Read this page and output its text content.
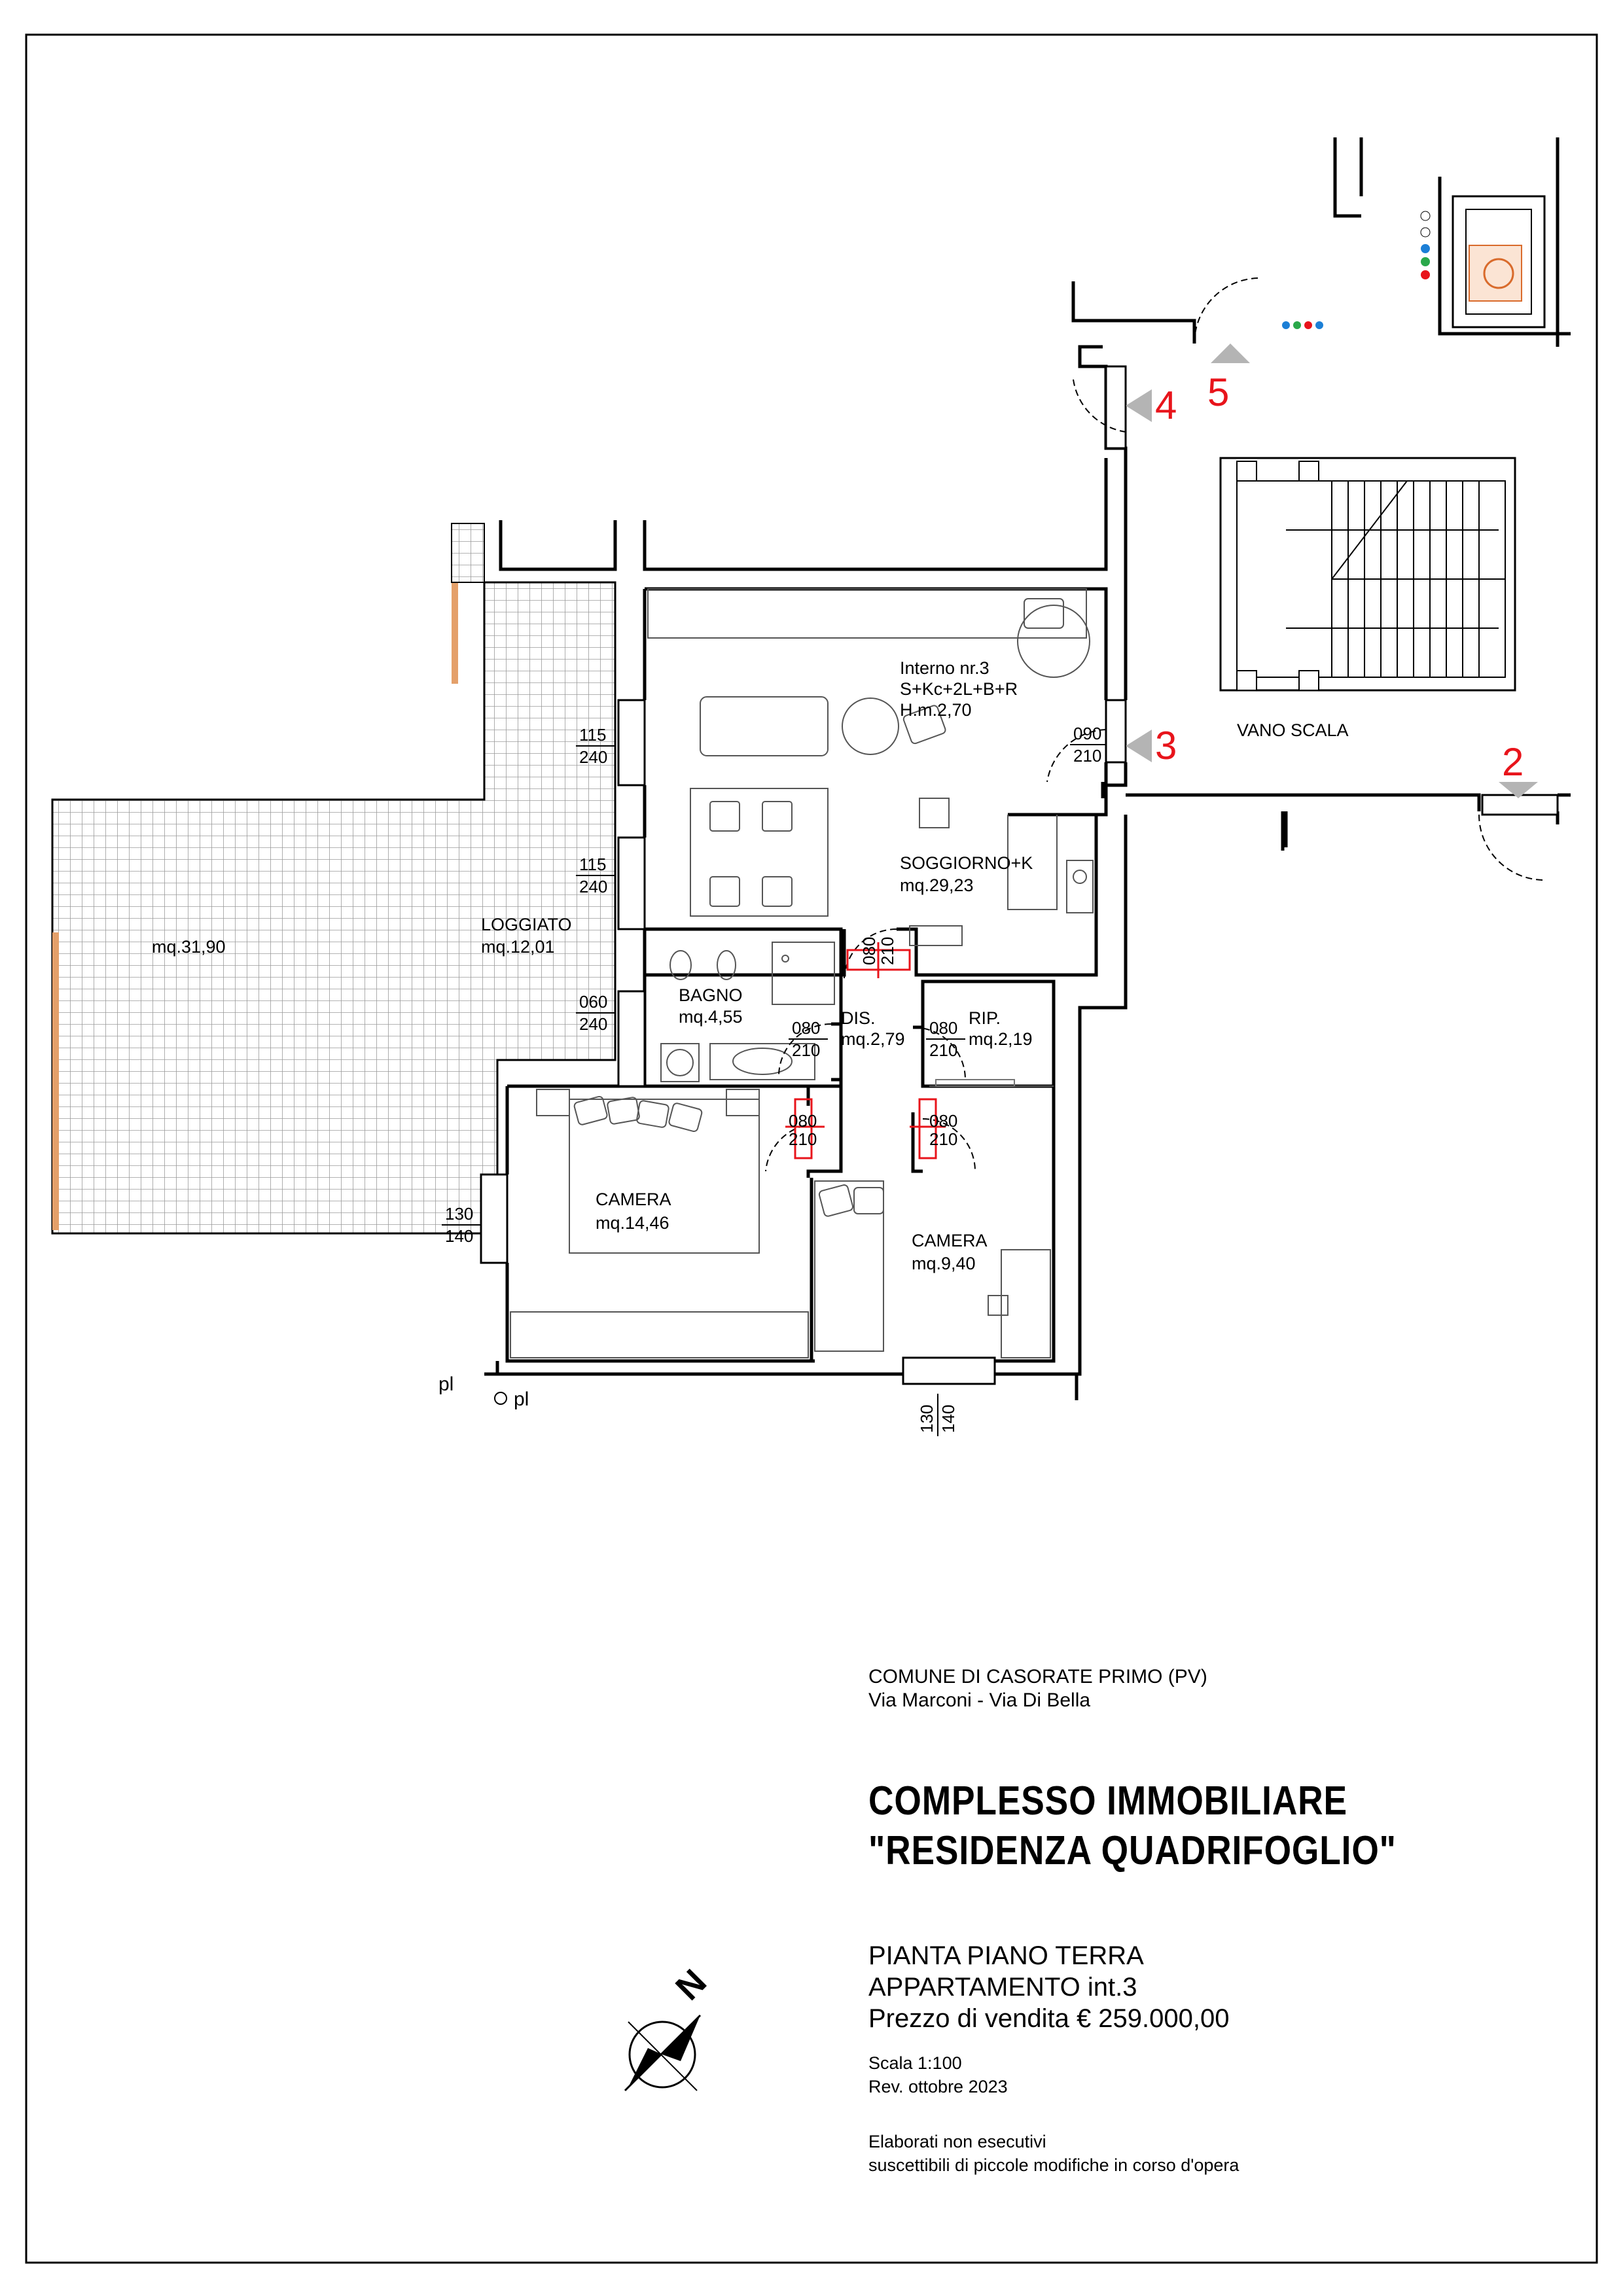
Interno nr.3
S+Kc+2L+B+R
H.m.2,70
SOGGIORNO+K
mq.29,23
LOGGIATO
mq.12,01
mq.31,90
BAGNO
mq.4,55	DIS.
mq.2,79
RIP.
mq.2,19
CAMERA
mq.14,46
CAMERA
mq.9,40
VANO SCALA
115
240
115
240
060
240
130
140
130 140
090
210
080
210
080
210
080
210
080
210
080
210
4 5
3	2
pl
pl
N
COMUNE DI CASORATE PRIMO (PV)
Via Marconi - Via Di Bella
COMPLESSO IMMOBILIARE
"RESIDENZA QUADRIFOGLIO"
PIANTA PIANO TERRA
APPARTAMENTO int.3
Prezzo di vendita € 259.000,00
Scala 1:100
Rev. ottobre 2023
Elaborati non esecutivi
suscettibili di piccole modifiche in corso d'opera
